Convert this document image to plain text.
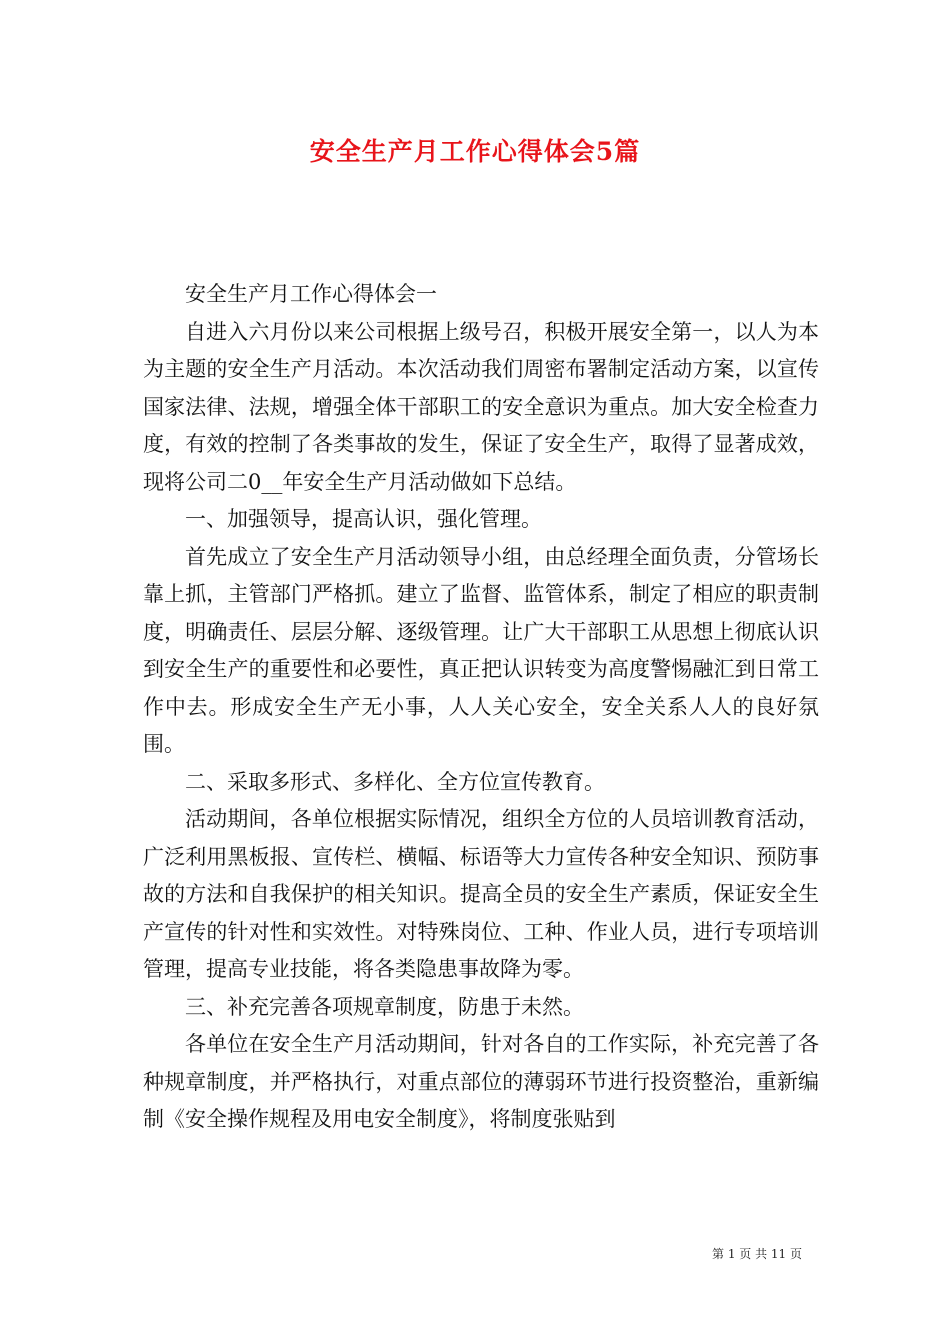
安全生产月工作心得体会5篇

安全生产月工作心得体会一

自进入六月份以来公司根据上级号召，积极开展安全第一，以人为本为主题的安全生产月活动。本次活动我们周密布署制定活动方案，以宣传国家法律、法规，增强全体干部职工的安全意识为重点。加大安全检查力度，有效的控制了各类事故的发生，保证了安全生产，取得了显著成效，现将公司二0__年安全生产月活动做如下总结。

一、加强领导，提高认识，强化管理。

首先成立了安全生产月活动领导小组，由总经理全面负责，分管场长靠上抓，主管部门严格抓。建立了监督、监管体系，制定了相应的职责制度，明确责任、层层分解、逐级管理。让广大干部职工从思想上彻底认识到安全生产的重要性和必要性，真正把认识转变为高度警惕融汇到日常工作中去。形成安全生产无小事，人人关心安全，安全关系人人的良好氛围。

二、采取多形式、多样化、全方位宣传教育。

活动期间，各单位根据实际情况，组织全方位的人员培训教育活动，广泛利用黑板报、宣传栏、横幅、标语等大力宣传各种安全知识、预防事故的方法和自我保护的相关知识。提高全员的安全生产素质，保证安全生产宣传的针对性和实效性。对特殊岗位、工种、作业人员，进行专项培训管理，提高专业技能，将各类隐患事故降为零。

三、补充完善各项规章制度，防患于未然。

各单位在安全生产月活动期间，针对各自的工作实际，补充完善了各种规章制度，并严格执行，对重点部位的薄弱环节进行投资整治，重新编制《安全操作规程及用电安全制度》，将制度张贴到

第 1 页 共 11 页
